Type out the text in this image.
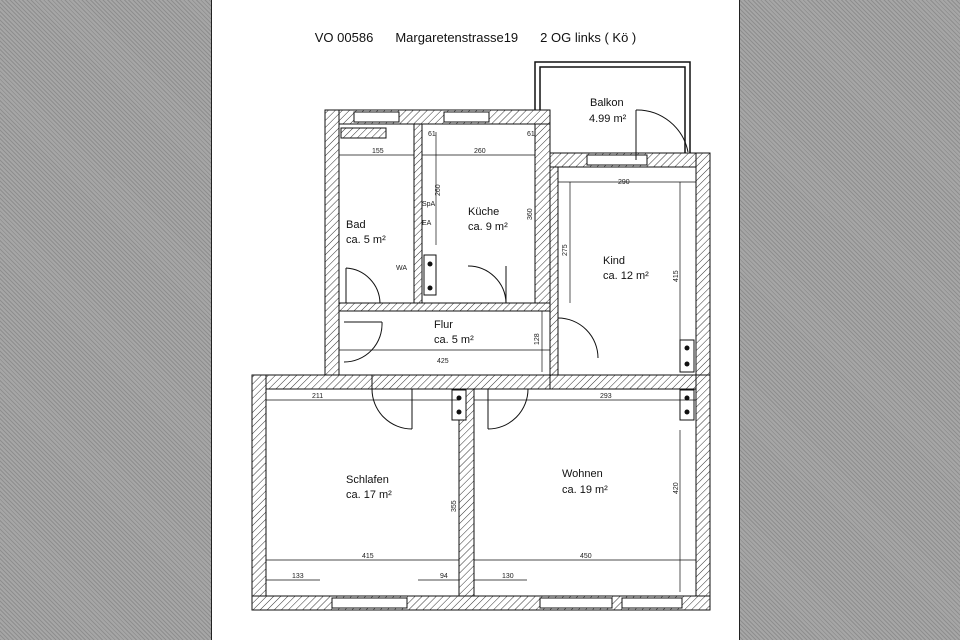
VO 00586 Margaretenstrasse19 2 OG links ( Kö )
Balkon
4.99 m²
Bad
ca. 5 m²
Küche
ca. 9 m²
Kind
ca. 12 m²
Flur
ca. 5 m²
Schlafen
ca. 17 m²
Wohnen
ca. 19 m²
SpA
EA
WA
155	260
61	61
260
360
290
275
415
425
128
211	293
355
420
415	450
133	94	130
